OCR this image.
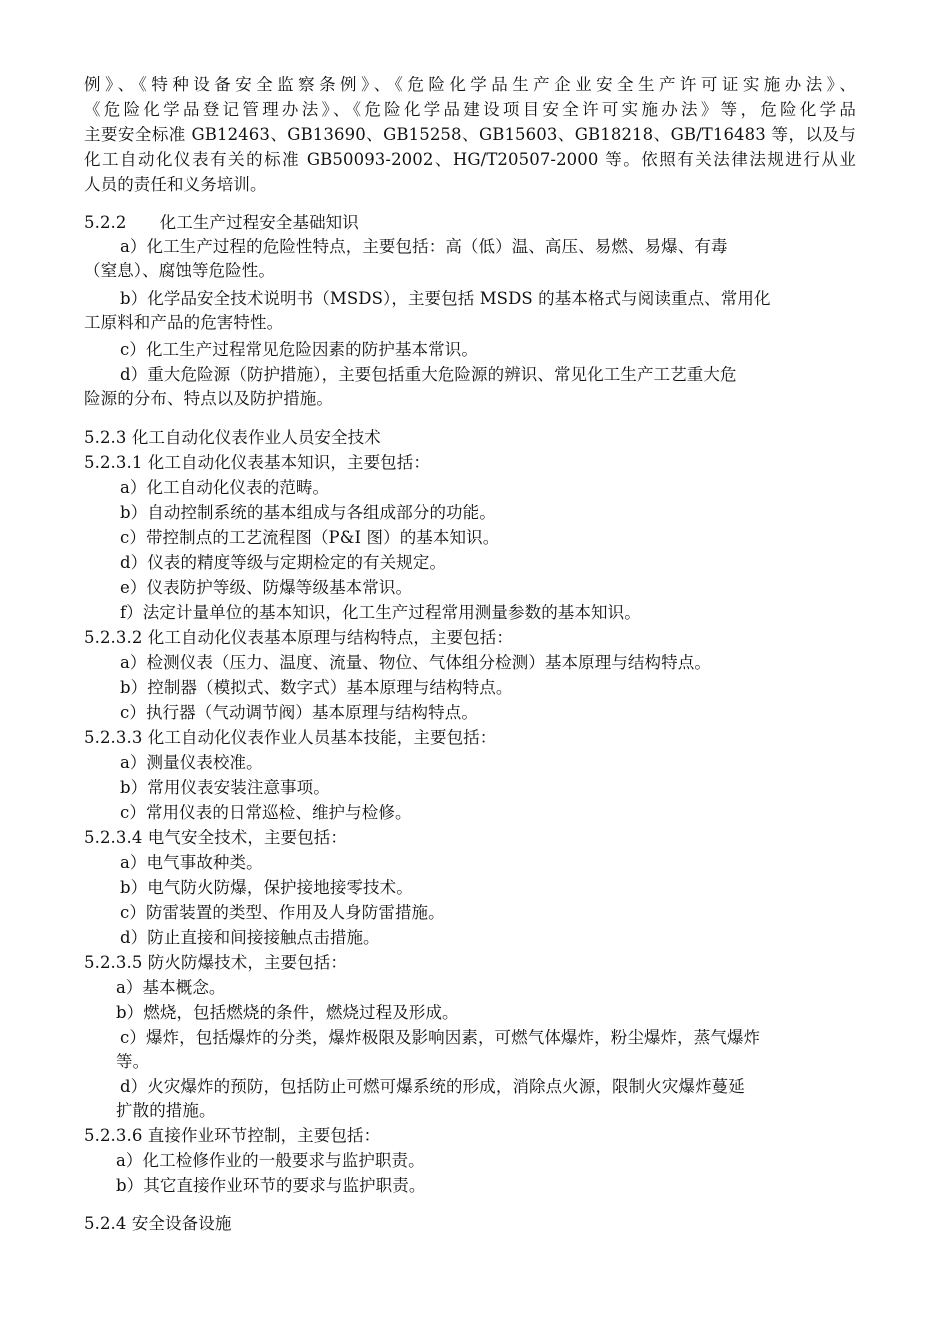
例》、《特种设备安全监察条例》、《危险化学品生产企业安全生产许可证实施办法》、
《危险化学品登记管理办法》、《危险化学品建设项目安全许可实施办法》等，危险化学品
主要安全标准 GB12463、GB13690、GB15258、GB15603、GB18218、GB/T16483 等，以及与
化工自动化仪表有关的标准 GB50093-2002、HG/T20507-2000 等。依照有关法律法规进行从业
人员的责任和义务培训。
5.2.2　　化工生产过程安全基础知识
a）化工生产过程的危险性特点，主要包括：高（低）温、高压、易燃、易爆、有毒
（窒息）、腐蚀等危险性。
b）化学品安全技术说明书（MSDS），主要包括 MSDS 的基本格式与阅读重点、常用化
工原料和产品的危害特性。
c）化工生产过程常见危险因素的防护基本常识。
d）重大危险源（防护措施），主要包括重大危险源的辨识、常见化工生产工艺重大危
险源的分布、特点以及防护措施。
5.2.3 化工自动化仪表作业人员安全技术
5.2.3.1 化工自动化仪表基本知识，主要包括：
a）化工自动化仪表的范畴。
b）自动控制系统的基本组成与各组成部分的功能。
c）带控制点的工艺流程图（P&I 图）的基本知识。
d）仪表的精度等级与定期检定的有关规定。
e）仪表防护等级、防爆等级基本常识。
f）法定计量单位的基本知识，化工生产过程常用测量参数的基本知识。
5.2.3.2 化工自动化仪表基本原理与结构特点，主要包括：
a）检测仪表（压力、温度、流量、物位、气体组分检测）基本原理与结构特点。
b）控制器（模拟式、数字式）基本原理与结构特点。
c）执行器（气动调节阀）基本原理与结构特点。
5.2.3.3 化工自动化仪表作业人员基本技能，主要包括：
a）测量仪表校准。
b）常用仪表安装注意事项。
c）常用仪表的日常巡检、维护与检修。
5.2.3.4 电气安全技术，主要包括：
a）电气事故种类。
b）电气防火防爆，保护接地接零技术。
c）防雷装置的类型、作用及人身防雷措施。
d）防止直接和间接接触点击措施。
5.2.3.5 防火防爆技术，主要包括：
a）基本概念。
b）燃烧，包括燃烧的条件，燃烧过程及形成。
c）爆炸，包括爆炸的分类，爆炸极限及影响因素，可燃气体爆炸，粉尘爆炸，蒸气爆炸
等。
d）火灾爆炸的预防，包括防止可燃可爆系统的形成，消除点火源，限制火灾爆炸蔓延
扩散的措施。
5.2.3.6 直接作业环节控制，主要包括：
a）化工检修作业的一般要求与监护职责。
b）其它直接作业环节的要求与监护职责。
5.2.4 安全设备设施
